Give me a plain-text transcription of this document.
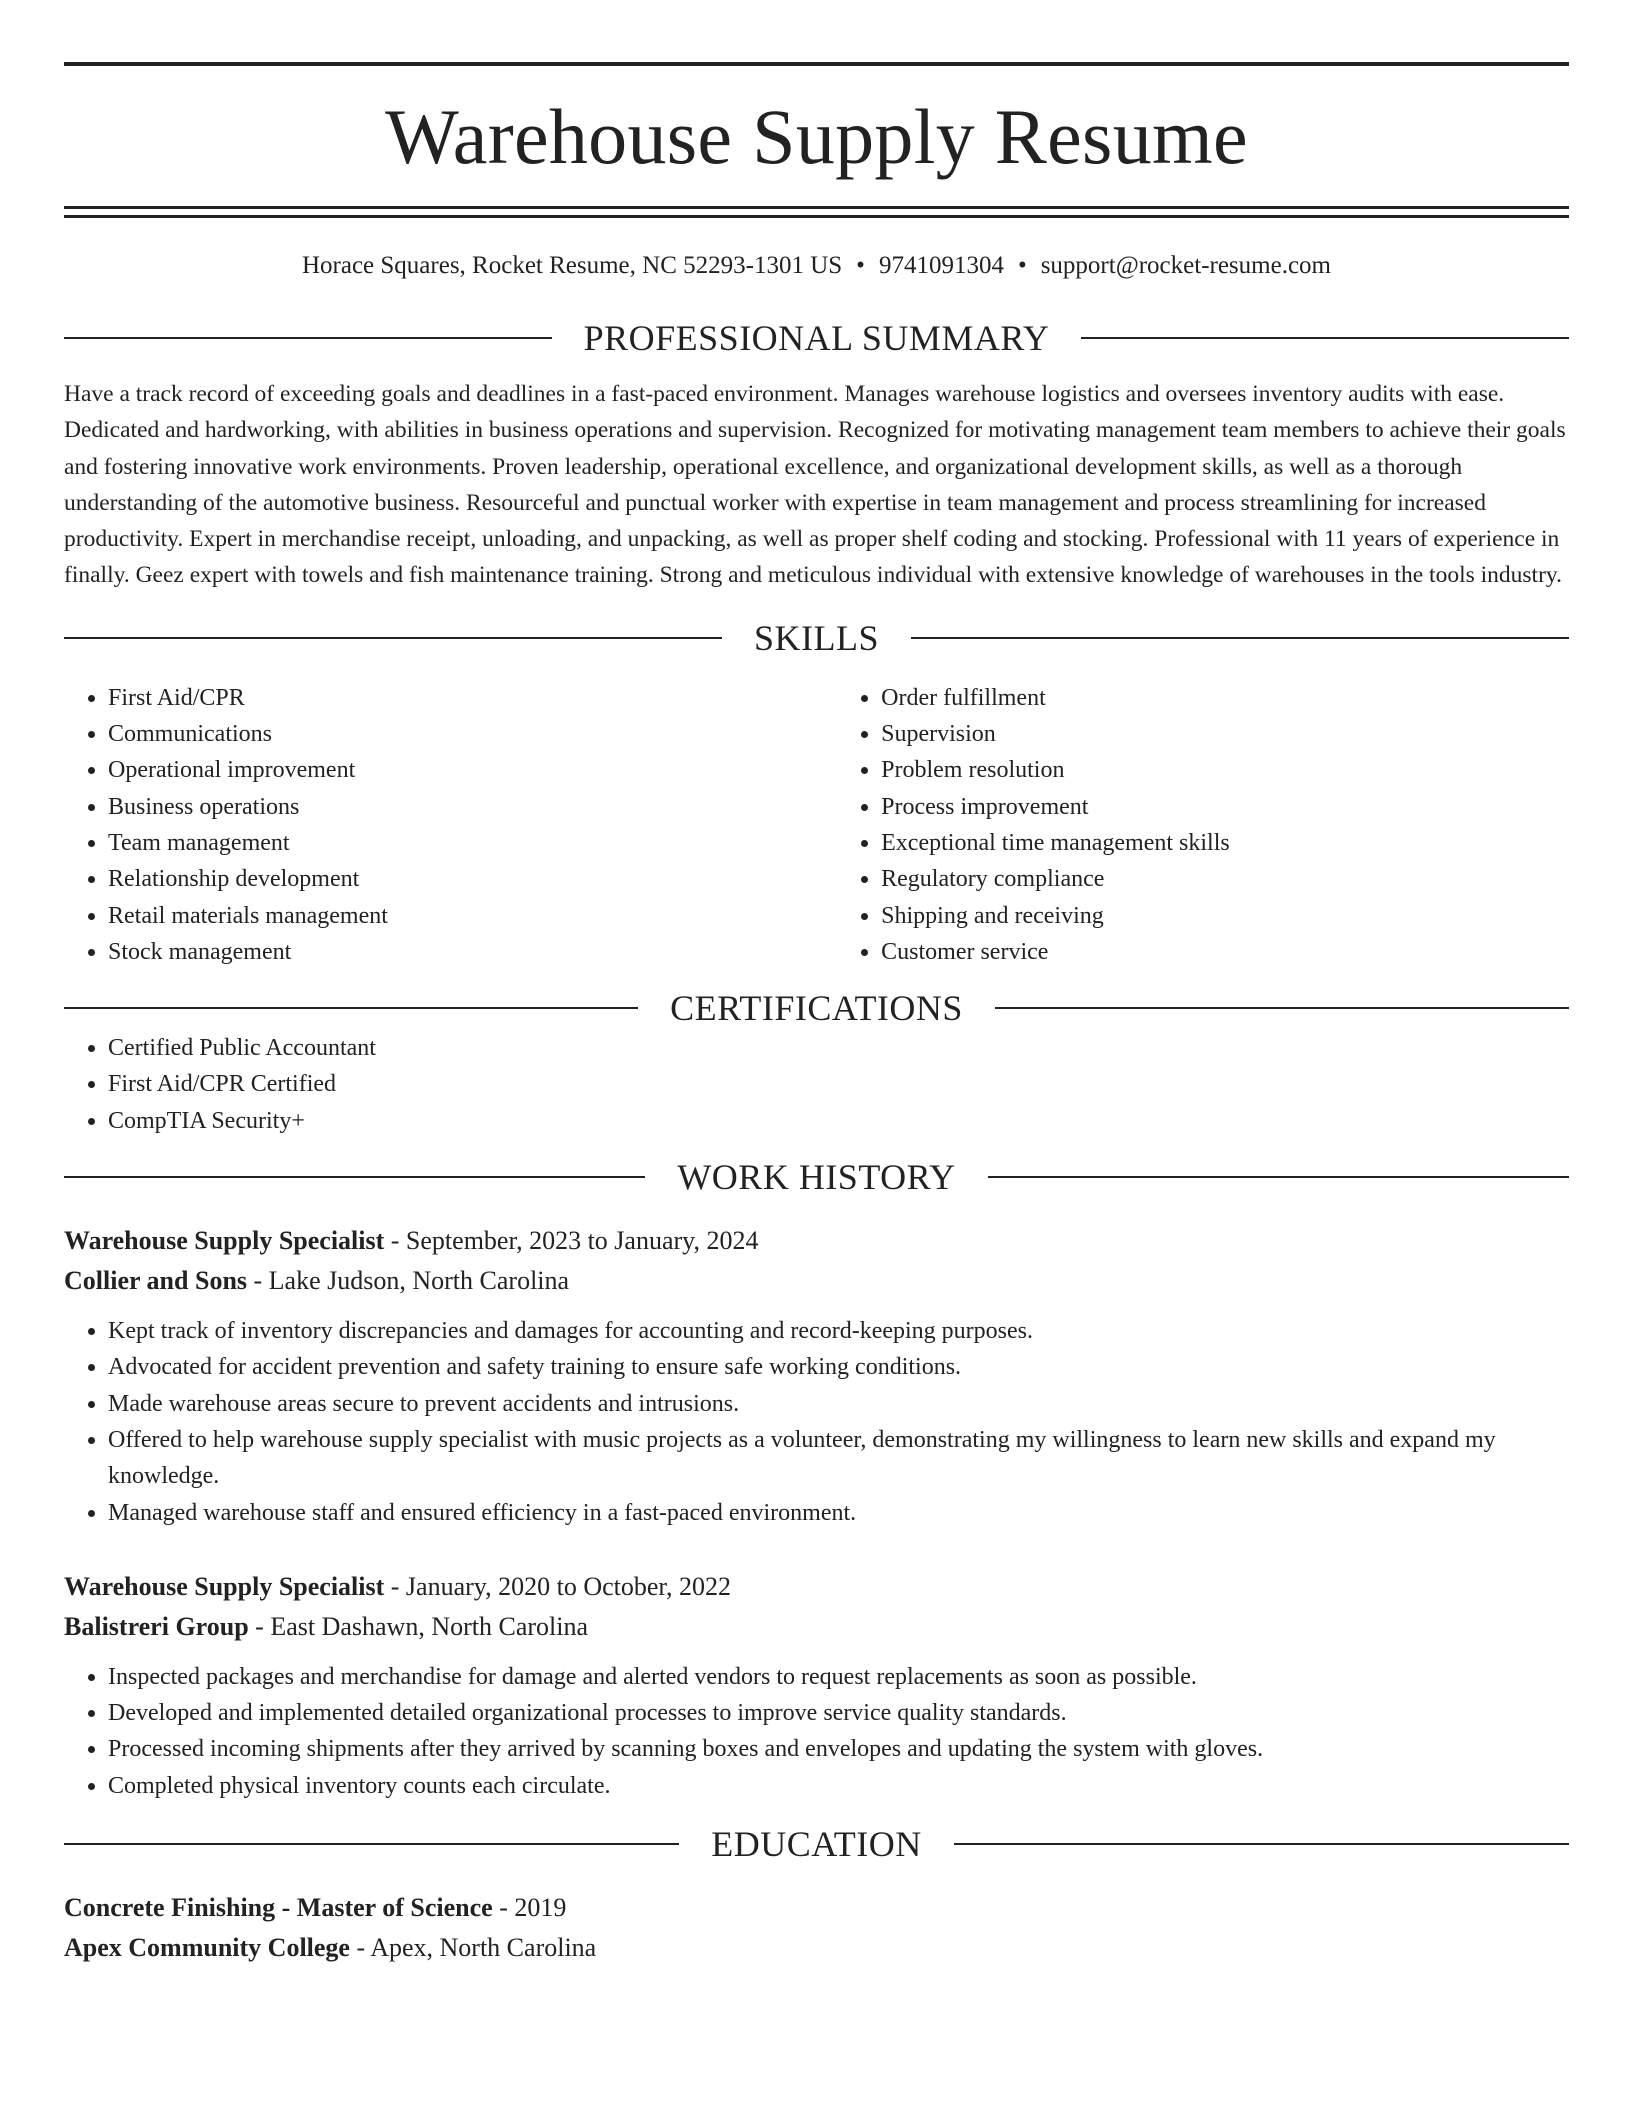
Warehouse Supply Resume
Horace Squares, Rocket Resume, NC 52293-1301 US • 9741091304 • support@rocket-resume.com
PROFESSIONAL SUMMARY

Have a track record of exceeding goals and deadlines in a fast-paced environment. Manages warehouse logistics and oversees inventory audits with ease. Dedicated and hardworking, with abilities in business operations and supervision. Recognized for motivating management team members to achieve their goals and fostering innovative work environments. Proven leadership, operational excellence, and organizational development skills, as well as a thorough understanding of the automotive business. Resourceful and punctual worker with expertise in team management and process streamlining for increased productivity. Expert in merchandise receipt, unloading, and unpacking, as well as proper shelf coding and stocking. Professional with 11 years of experience in finally. Geez expert with towels and fish maintenance training. Strong and meticulous individual with extensive knowledge of warehouses in the tools industry.

SKILLS
• First Aid/CPR
• Communications
• Operational improvement
• Business operations
• Team management
• Relationship development
• Retail materials management
• Stock management
• Order fulfillment
• Supervision
• Problem resolution
• Process improvement
• Exceptional time management skills
• Regulatory compliance
• Shipping and receiving
• Customer service
CERTIFICATIONS
• Certified Public Accountant
• First Aid/CPR Certified
• CompTIA Security+
WORK HISTORY
Warehouse Supply Specialist - September, 2023 to January, 2024
Collier and Sons - Lake Judson, North Carolina
• Kept track of inventory discrepancies and damages for accounting and record-keeping purposes.
• Advocated for accident prevention and safety training to ensure safe working conditions.
• Made warehouse areas secure to prevent accidents and intrusions.
• Offered to help warehouse supply specialist with music projects as a volunteer, demonstrating my willingness to learn new skills and expand my knowledge.
• Managed warehouse staff and ensured efficiency in a fast-paced environment.
Warehouse Supply Specialist - January, 2020 to October, 2022
Balistreri Group - East Dashawn, North Carolina
• Inspected packages and merchandise for damage and alerted vendors to request replacements as soon as possible.
• Developed and implemented detailed organizational processes to improve service quality standards.
• Processed incoming shipments after they arrived by scanning boxes and envelopes and updating the system with gloves.
• Completed physical inventory counts each circulate.
EDUCATION
Concrete Finishing - Master of Science - 2019
Apex Community College - Apex, North Carolina
